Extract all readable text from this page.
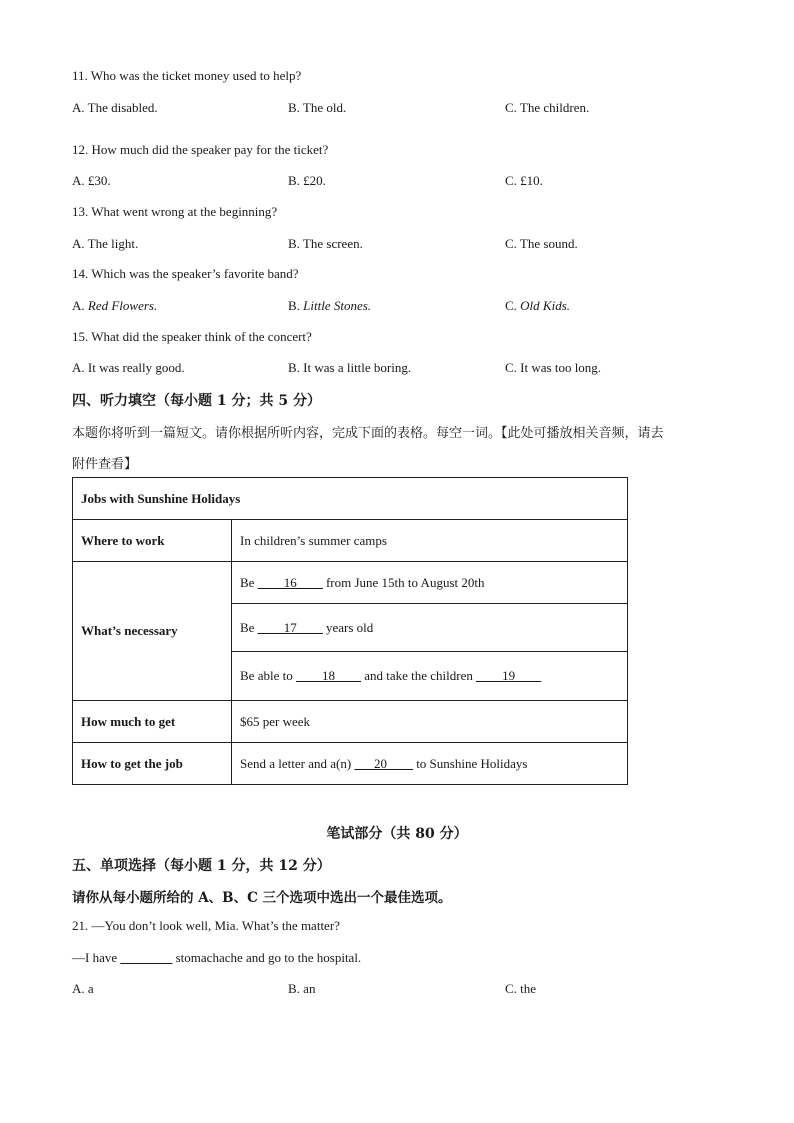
11. Who was the ticket money used to help?
A. The disabled.	B. The old.	C. The children.
12. How much did the speaker pay for the ticket?
A. £30.	B. £20.	C. £10.
13. What went wrong at the beginning?
A. The light.	B. The screen.	C. The sound.
14. Which was the speaker’s favorite band?
A. Red Flowers.	B. Little Stones.	C. Old Kids.
15. What did the speaker think of the concert?
A. It was really good.	B. It was a little boring.	C. It was too long.
四、听力填空（每小题 1 分；共 5 分）
本题你将听到一篇短文。请你根据所听内容，完成下面的表格。每空一词。【此处可播放相关音频，请去
附件查看】
Jobs with Sunshine Holidays	
Where to work	In children’s summer camps
What’s necessary	Be ____16____ from June 15th to August 20th
	Be ____17____ years old
	Be able to ____18____ and take the children ____19____
How much to get	$65 per week
How to get the job	Send a letter and a(n) ___20____ to Sunshine Holidays
笔试部分（共 80 分）
五、单项选择（每小题 1 分，共 12 分）
请你从每小题所给的 A、B、C 三个选项中选出一个最佳选项。
21. —You don’t look well, Mia. What’s the matter?
—I have ________ stomachache and go to the hospital.
A. a	B. an	C. the
